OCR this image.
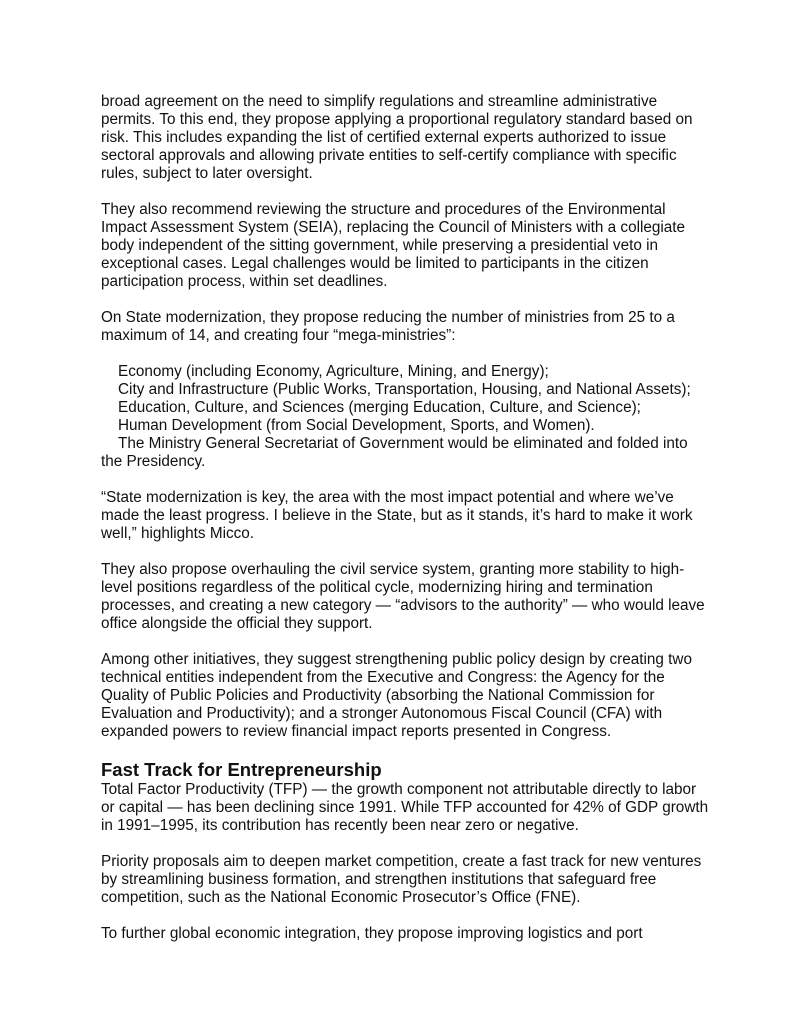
broad agreement on the need to simplify regulations and streamline administrative permits. To this end, they propose applying a proportional regulatory standard based on risk. This includes expanding the list of certified external experts authorized to issue sectoral approvals and allowing private entities to self-certify compliance with specific rules, subject to later oversight.

They also recommend reviewing the structure and procedures of the Environmental Impact Assessment System (SEIA), replacing the Council of Ministers with a collegiate body independent of the sitting government, while preserving a presidential veto in exceptional cases. Legal challenges would be limited to participants in the citizen participation process, within set deadlines.

On State modernization, they propose reducing the number of ministries from 25 to a maximum of 14, and creating four “mega-ministries”:

Economy (including Economy, Agriculture, Mining, and Energy);
City and Infrastructure (Public Works, Transportation, Housing, and National Assets);
Education, Culture, and Sciences (merging Education, Culture, and Science);
Human Development (from Social Development, Sports, and Women).

The Ministry General Secretariat of Government would be eliminated and folded into the Presidency.

“State modernization is key, the area with the most impact potential and where we’ve made the least progress. I believe in the State, but as it stands, it’s hard to make it work well,” highlights Micco.

They also propose overhauling the civil service system, granting more stability to high-level positions regardless of the political cycle, modernizing hiring and termination processes, and creating a new category — “advisors to the authority” — who would leave office alongside the official they support.

Among other initiatives, they suggest strengthening public policy design by creating two technical entities independent from the Executive and Congress: the Agency for the Quality of Public Policies and Productivity (absorbing the National Commission for Evaluation and Productivity); and a stronger Autonomous Fiscal Council (CFA) with expanded powers to review financial impact reports presented in Congress.

Fast Track for Entrepreneurship

Total Factor Productivity (TFP) — the growth component not attributable directly to labor or capital — has been declining since 1991. While TFP accounted for 42% of GDP growth in 1991–1995, its contribution has recently been near zero or negative.

Priority proposals aim to deepen market competition, create a fast track for new ventures by streamlining business formation, and strengthen institutions that safeguard free competition, such as the National Economic Prosecutor’s Office (FNE).

To further global economic integration, they propose improving logistics and port
